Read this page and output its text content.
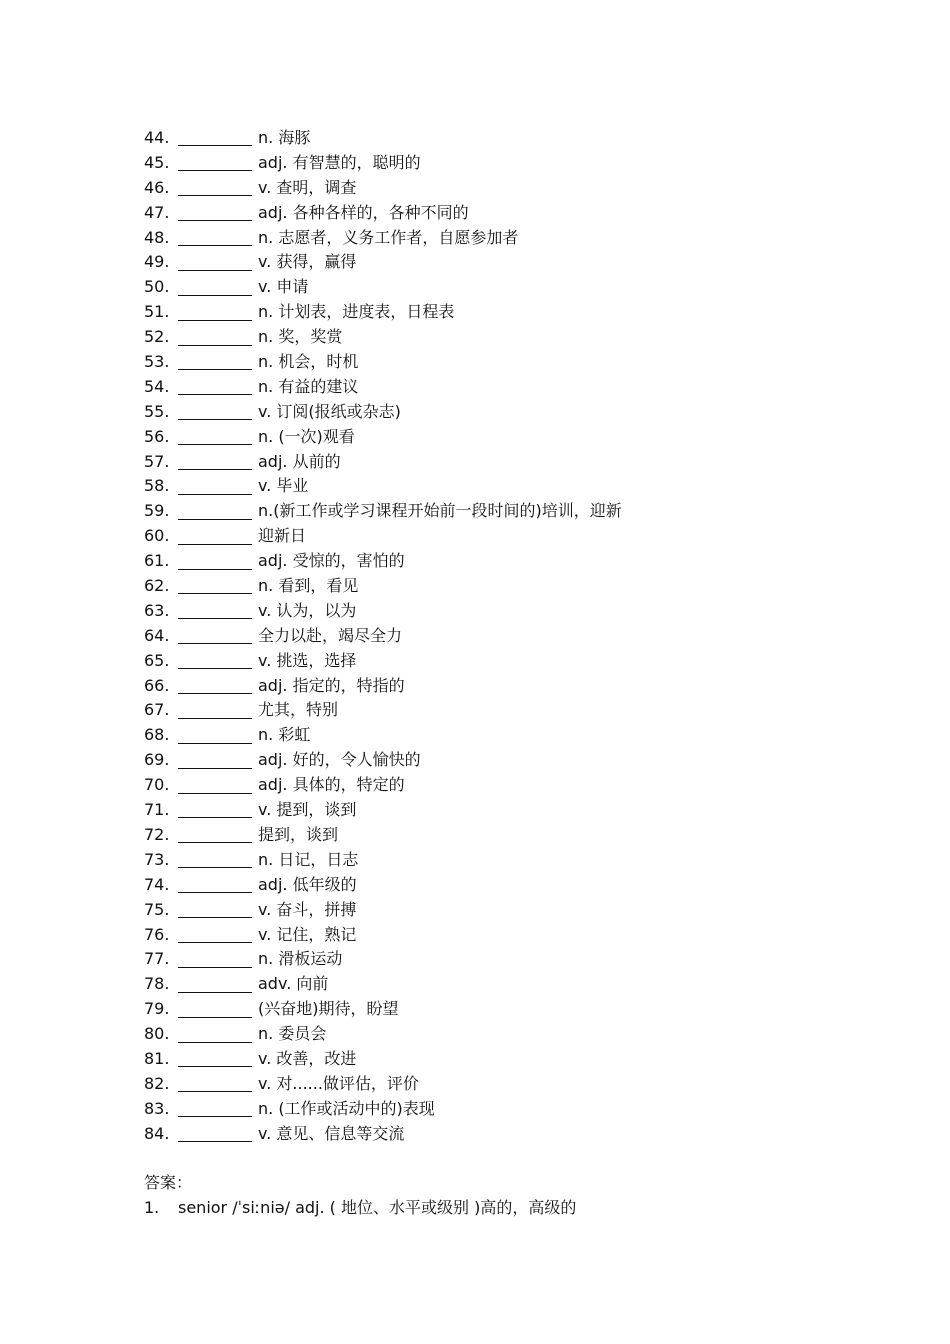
44.	n. 海豚
45.	adj. 有智慧的，聪明的
46.	v. 查明，调查
47.	adj. 各种各样的，各种不同的
48.	n. 志愿者，义务工作者，自愿参加者
49.	v. 获得，赢得
50.	v. 申请
51.	n. 计划表，进度表，日程表
52.	n. 奖，奖赏
53.	n. 机会，时机
54.	n. 有益的建议
55.	v. 订阅(报纸或杂志)
56.	n. (一次)观看
57.	adj. 从前的
58.	v. 毕业
59.	n.(新工作或学习课程开始前一段时间的)培训，迎新
60.	迎新日
61.	adj. 受惊的，害怕的
62.	n. 看到，看见
63.	v. 认为，以为
64.	全力以赴，竭尽全力
65.	v. 挑选，选择
66.	adj. 指定的，特指的
67.	尤其，特别
68.	n. 彩虹
69.	adj. 好的，令人愉快的
70.	adj. 具体的，特定的
71.	v. 提到，谈到
72.	提到，谈到
73.	n. 日记，日志
74.	adj. 低年级的
75.	v. 奋斗，拼搏
76.	v. 记住，熟记
77.	n. 滑板运动
78.	adv. 向前
79.	(兴奋地)期待，盼望
80.	n. 委员会
81.	v. 改善，改进
82.	v. 对......做评估，评价
83.	n. (工作或活动中的)表现
84.	v. 意见、信息等交流
答案：
1.	senior /ˈsiːniə/ adj. ( 地位、水平或级别 )高的，高级的
